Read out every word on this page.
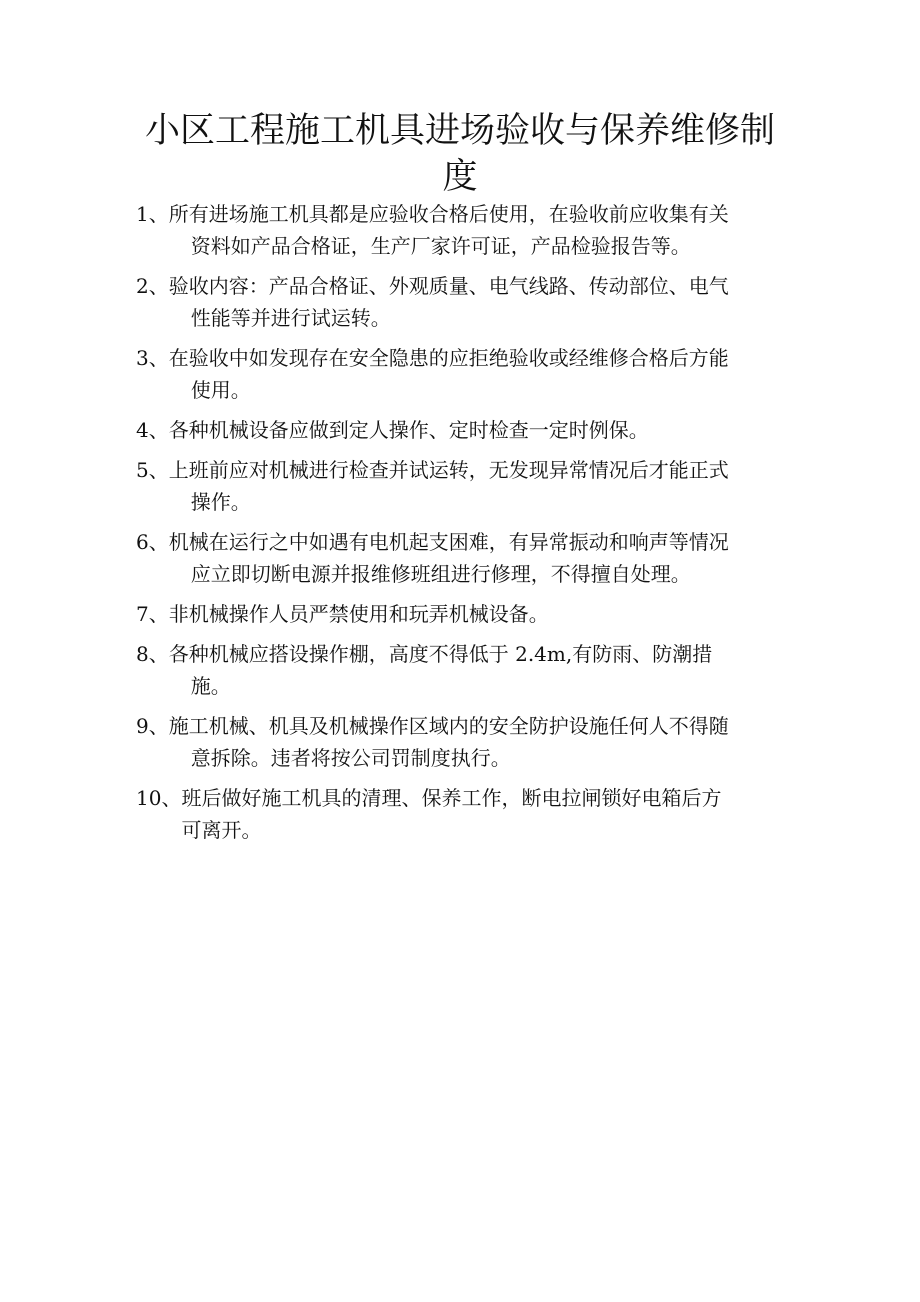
小区工程施工机具进场验收与保养维修制
度
1、 所有进场施工机具都是应验收合格后使用，在验收前应收集有关
资料如产品合格证，生产厂家许可证，产品检验报告等。
2、 验收内容：产品合格证、外观质量、电气线路、传动部位、电气
性能等并进行试运转。
3、 在验收中如发现存在安全隐患的应拒绝验收或经维修合格后方能
使用。
4、 各种机械设备应做到定人操作、定时检查一定时例保。
5、 上班前应对机械进行检查并试运转，无发现异常情况后才能正式
操作。
6、 机械在运行之中如遇有电机起支困难，有异常振动和响声等情况
应立即切断电源并报维修班组进行修理，不得擅自处理。
7、 非机械操作人员严禁使用和玩弄机械设备。
8、 各种机械应搭设操作棚，高度不得低于 2.4m,有防雨、防潮措
施。
9、 施工机械、机具及机械操作区域内的安全防护设施任何人不得随
意拆除。违者将按公司罚制度执行。
10、 班后做好施工机具的清理、保养工作，断电拉闸锁好电箱后方
可离开。
